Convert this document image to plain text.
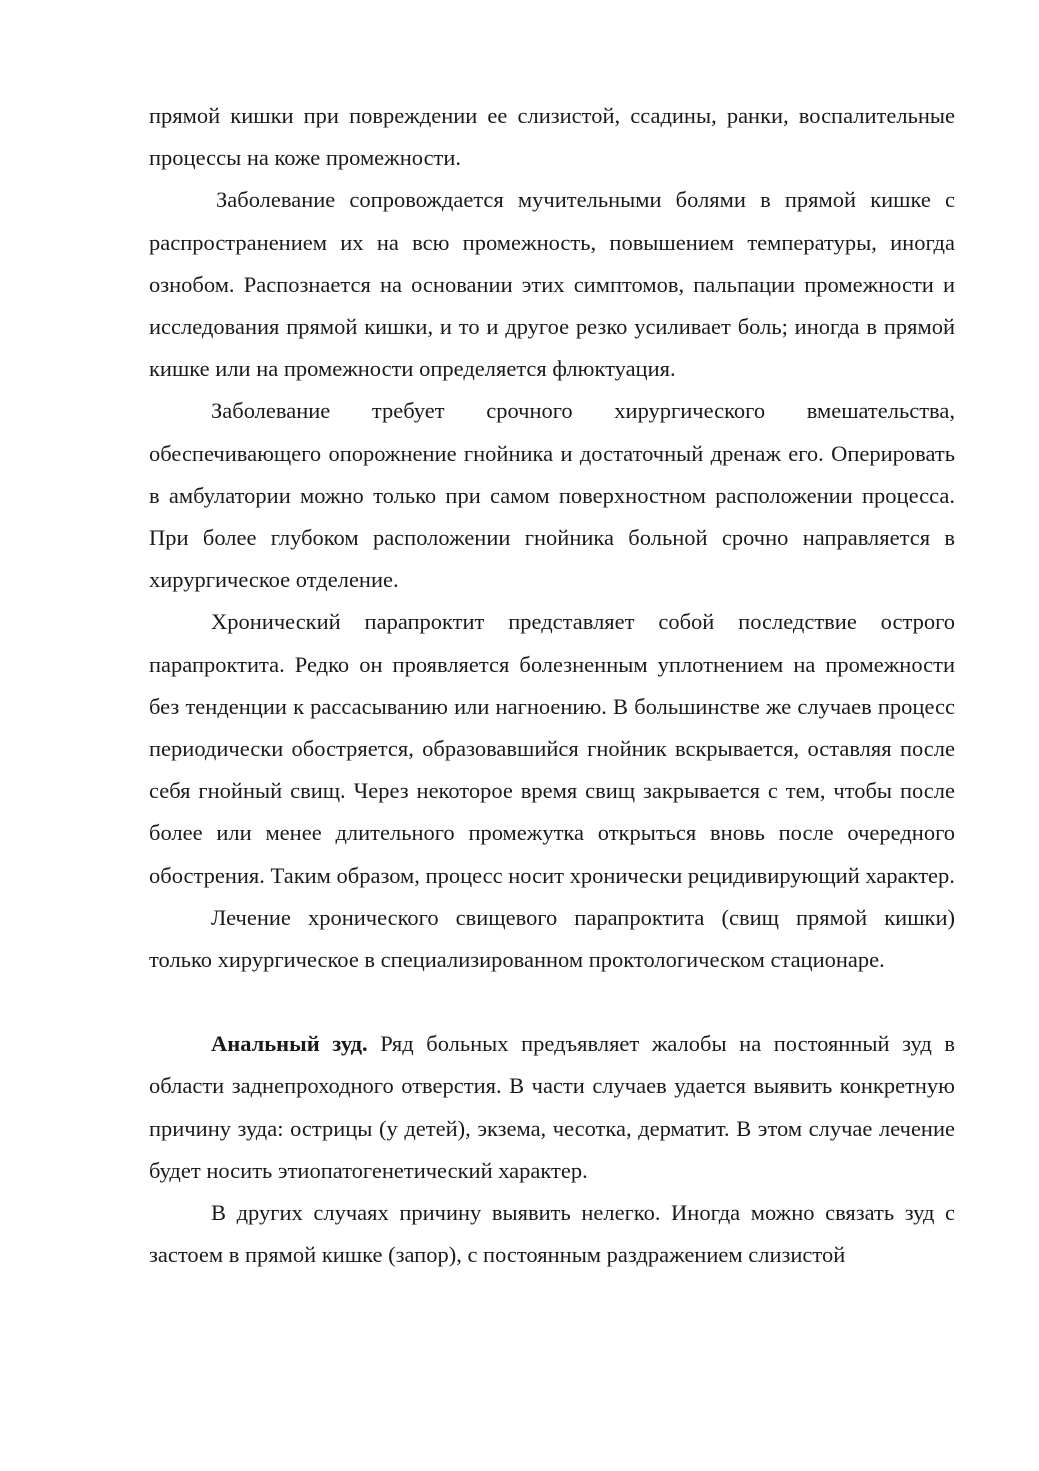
прямой кишки при повреждении ее слизистой, ссадины, ранки, воспалительные процессы на коже промежности.

Заболевание сопровождается мучительными болями в прямой кишке с распространением их на всю промежность, повышением температуры, иногда ознобом. Распознается на основании этих симптомов, пальпации промежности и исследования прямой кишки, и то и другое резко усиливает боль; иногда в прямой кишке или на промежности определяется флюктуация.

Заболевание требует срочного хирургического вмешательства, обеспечивающего опорожнение гнойника и достаточный дренаж его. Оперировать в амбулатории можно только при самом поверхностном расположении процесса. При более глубоком расположении гнойника больной срочно направляется в хирургическое отделение.

Хронический парапроктит представляет собой последствие острого парапроктита. Редко он проявляется болезненным уплотнением на промежности без тенденции к рассасыванию или нагноению. В большинстве же случаев процесс периодически обостряется, образовавшийся гнойник вскрывается, оставляя после себя гнойный свищ. Через некоторое время свищ закрывается с тем, чтобы после более или менее длительного промежутка открыться вновь после очередного обострения. Таким образом, процесс носит хронически рецидивирующий характер.

Лечение хронического свищевого парапроктита (свищ прямой кишки) только хирургическое в специализированном проктологическом стационаре.

Анальный зуд. Ряд больных предъявляет жалобы на постоянный зуд в области заднепроходного отверстия. В части случаев удается выявить конкретную причину зуда: острицы (у детей), экзема, чесотка, дерматит. В этом случае лечение будет носить этиопатогенетический характер.

В других случаях причину выявить нелегко. Иногда можно связать зуд с застоем в прямой кишке (запор), с постоянным раздражением слизистой
